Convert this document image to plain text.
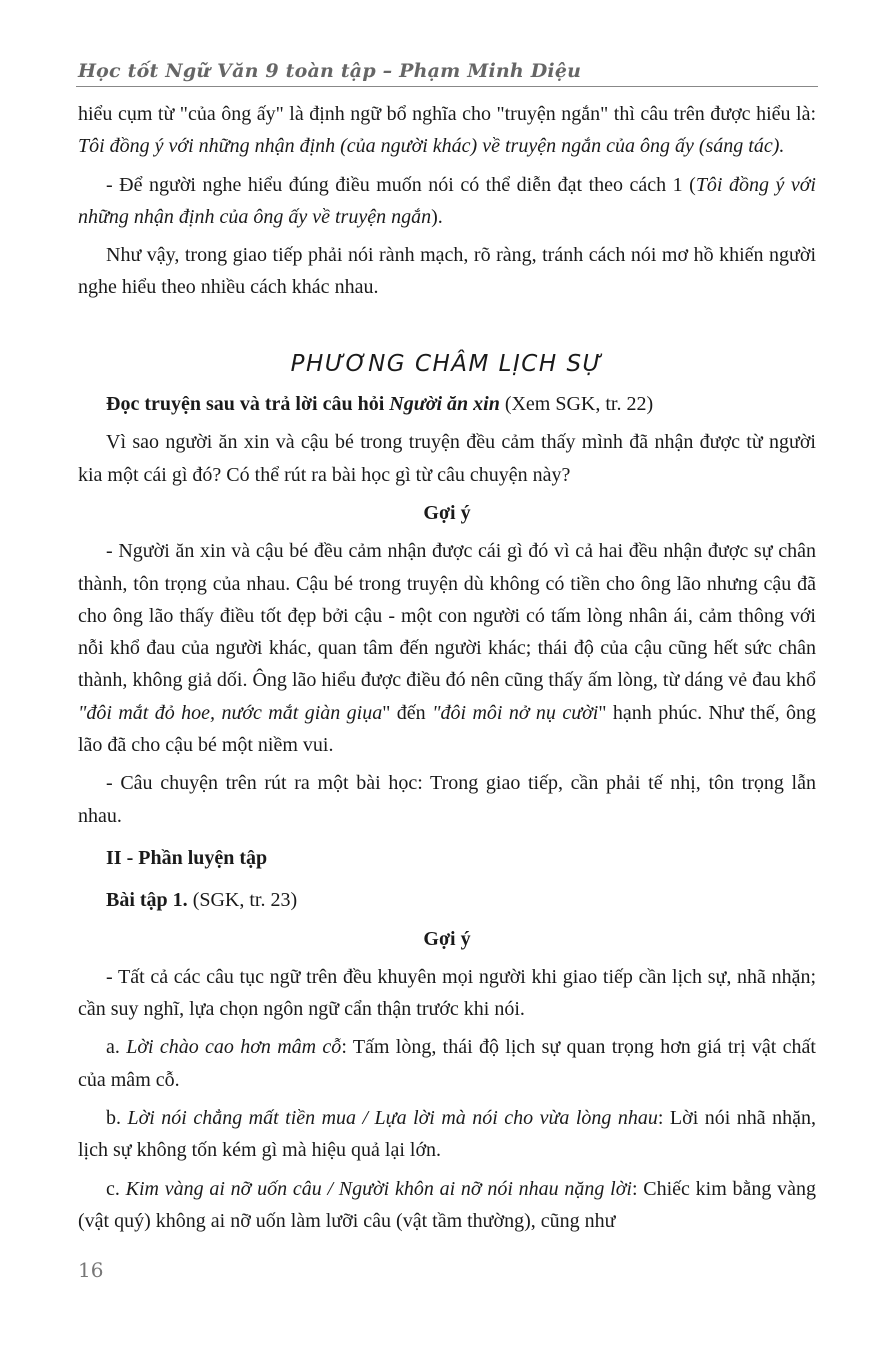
Học tốt Ngữ Văn 9 toàn tập – Phạm Minh Diệu

hiểu cụm từ "của ông ấy" là định ngữ bổ nghĩa cho "truyện ngắn" thì câu trên được hiểu là: Tôi đồng ý với những nhận định (của người khác) về truyện ngắn của ông ấy (sáng tác).

- Để người nghe hiểu đúng điều muốn nói có thể diễn đạt theo cách 1 (Tôi đồng ý với những nhận định của ông ấy về truyện ngắn).

Như vậy, trong giao tiếp phải nói rành mạch, rõ ràng, tránh cách nói mơ hồ khiến người nghe hiểu theo nhiều cách khác nhau.

PHƯƠNG CHÂM LỊCH SỰ

Đọc truyện sau và trả lời câu hỏi Người ăn xin (Xem SGK, tr. 22)

Vì sao người ăn xin và cậu bé trong truyện đều cảm thấy mình đã nhận được từ người kia một cái gì đó? Có thể rút ra bài học gì từ câu chuyện này?

Gợi ý

- Người ăn xin và cậu bé đều cảm nhận được cái gì đó vì cả hai đều nhận được sự chân thành, tôn trọng của nhau. Cậu bé trong truyện dù không có tiền cho ông lão nhưng cậu đã cho ông lão thấy điều tốt đẹp bởi cậu - một con người có tấm lòng nhân ái, cảm thông với nỗi khổ đau của người khác, quan tâm đến người khác; thái độ của cậu cũng hết sức chân thành, không giả dối. Ông lão hiểu được điều đó nên cũng thấy ấm lòng, từ dáng vẻ đau khổ "đôi mắt đỏ hoe, nước mắt giàn giụa" đến "đôi môi nở nụ cười" hạnh phúc. Như thế, ông lão đã cho cậu bé một niềm vui.

- Câu chuyện trên rút ra một bài học: Trong giao tiếp, cần phải tế nhị, tôn trọng lẫn nhau.

II - Phần luyện tập

Bài tập 1. (SGK, tr. 23)

Gợi ý

- Tất cả các câu tục ngữ trên đều khuyên mọi người khi giao tiếp cần lịch sự, nhã nhặn; cần suy nghĩ, lựa chọn ngôn ngữ cẩn thận trước khi nói.

a. Lời chào cao hơn mâm cỗ: Tấm lòng, thái độ lịch sự quan trọng hơn giá trị vật chất của mâm cỗ.

b. Lời nói chẳng mất tiền mua / Lựa lời mà nói cho vừa lòng nhau: Lời nói nhã nhặn, lịch sự không tốn kém gì mà hiệu quả lại lớn.

c. Kim vàng ai nỡ uốn câu / Người khôn ai nỡ nói nhau nặng lời: Chiếc kim bằng vàng (vật quý) không ai nỡ uốn làm lưỡi câu (vật tầm thường), cũng như

16
